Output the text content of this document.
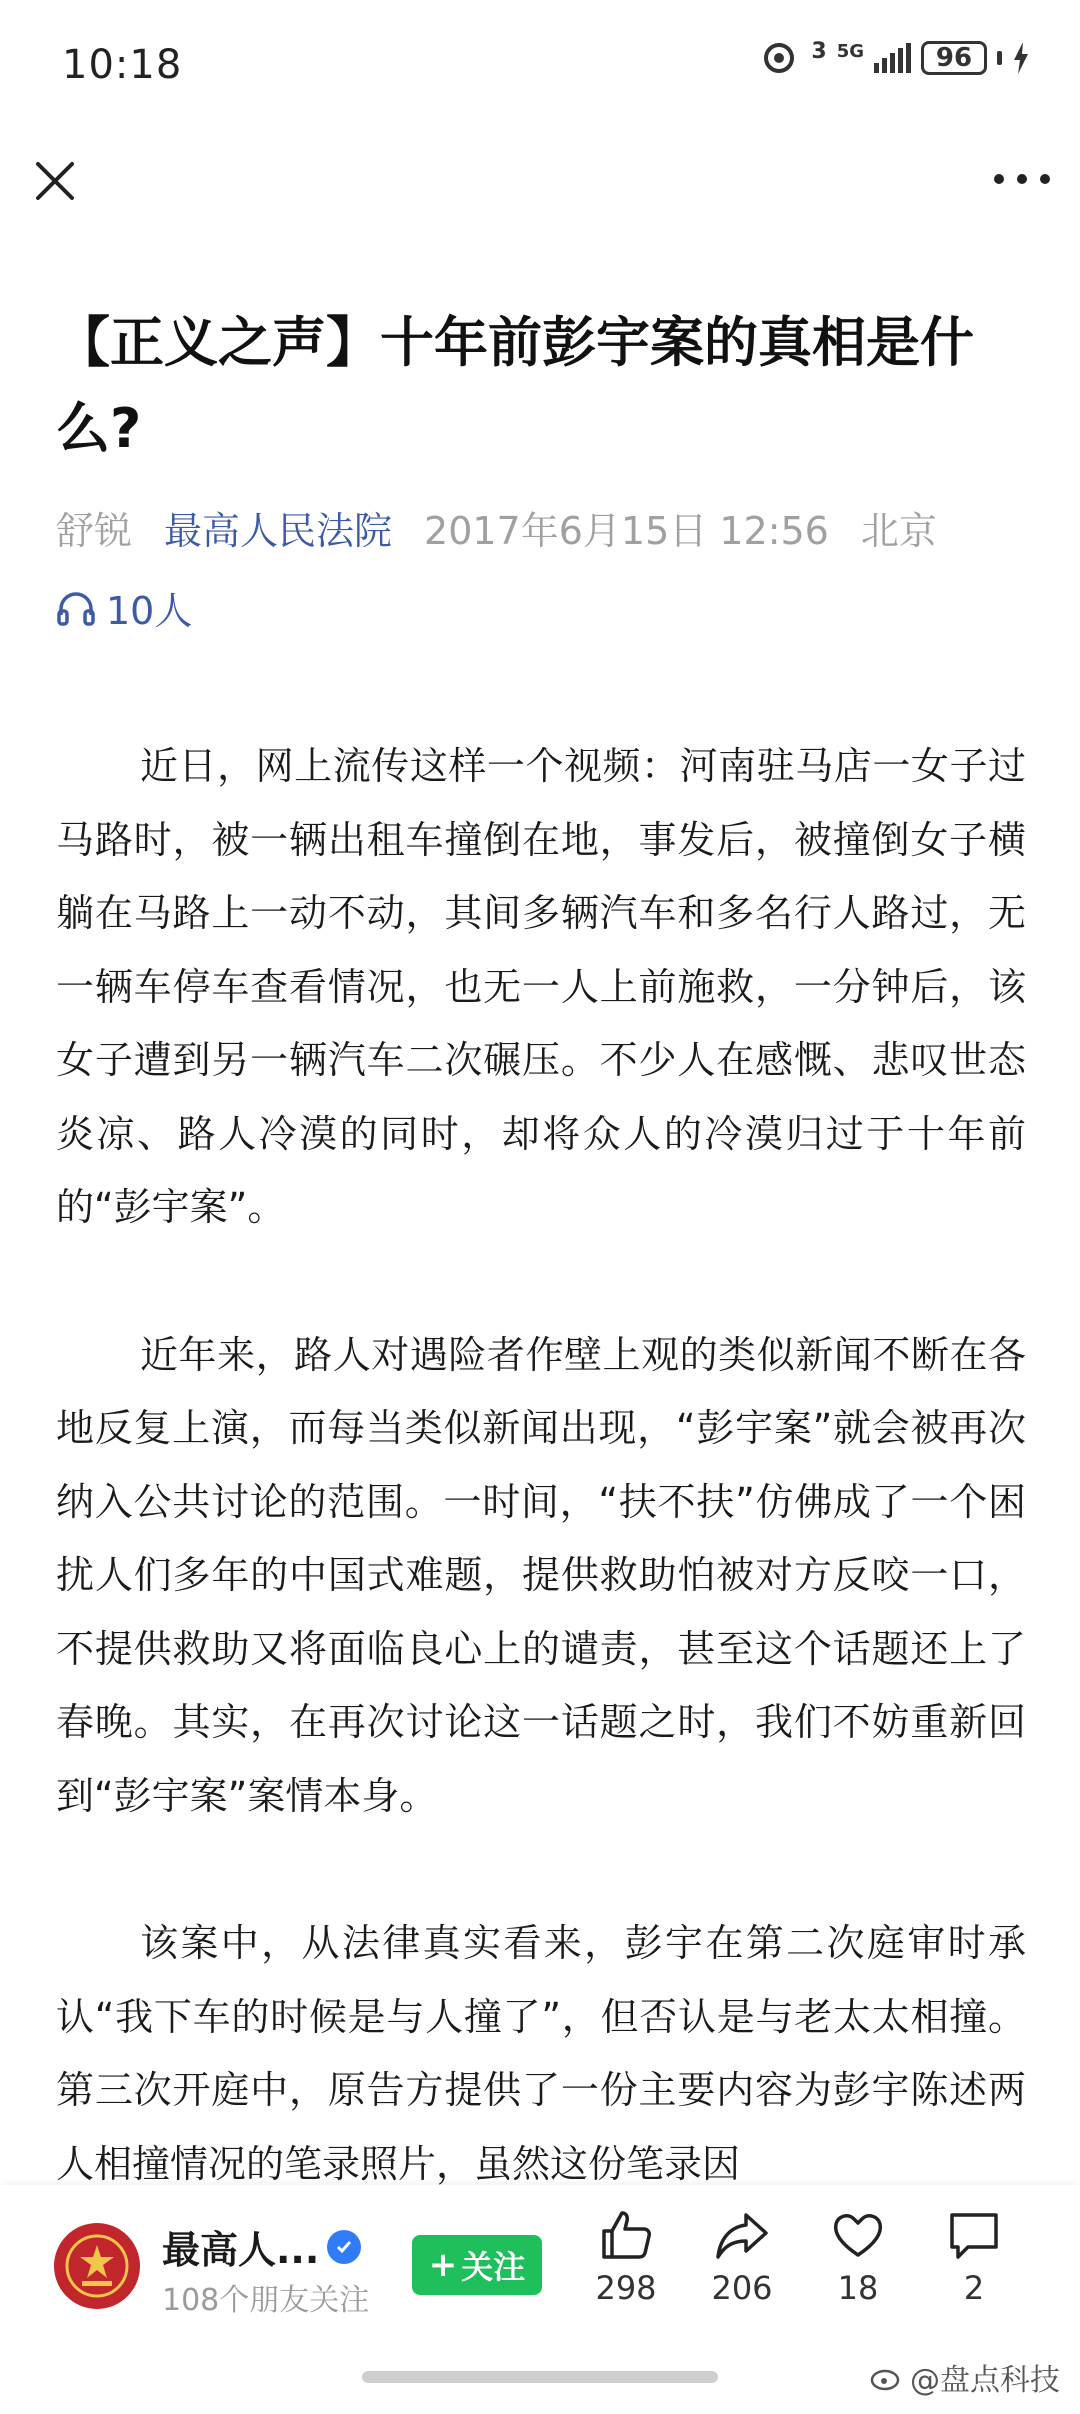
10:18	3 5G	96
【正义之声】十年前彭宇案的真相是什么?
舒锐 最高人民法院 2017年6月15日 12:56 北京
10人

近日，网上流传这样一个视频：河南驻马店一女子过马路时，被一辆出租车撞倒在地，事发后，被撞倒女子横躺在马路上一动不动，其间多辆汽车和多名行人路过，无一辆车停车查看情况，也无一人上前施救，一分钟后，该女子遭到另一辆汽车二次碾压。不少人在感慨、悲叹世态炎凉、路人冷漠的同时，却将众人的冷漠归过于十年前的“彭宇案”。

近年来，路人对遇险者作壁上观的类似新闻不断在各地反复上演，而每当类似新闻出现，“彭宇案”就会被再次纳入公共讨论的范围。一时间，“扶不扶”仿佛成了一个困扰人们多年的中国式难题，提供救助怕被对方反咬一口，不提供救助又将面临良心上的谴责，甚至这个话题还上了春晚。其实，在再次讨论这一话题之时，我们不妨重新回到“彭宇案”案情本身。

该案中，从法律真实看来，彭宇在第二次庭审时承认“我下车的时候是与人撞了”，但否认是与老太太相撞。第三次开庭中，原告方提供了一份主要内容为彭宇陈述两人相撞情况的笔录照片，虽然这份笔录因

最高人...
108个朋友关注
+ 关注
298	206	18	2
@盘点科技
